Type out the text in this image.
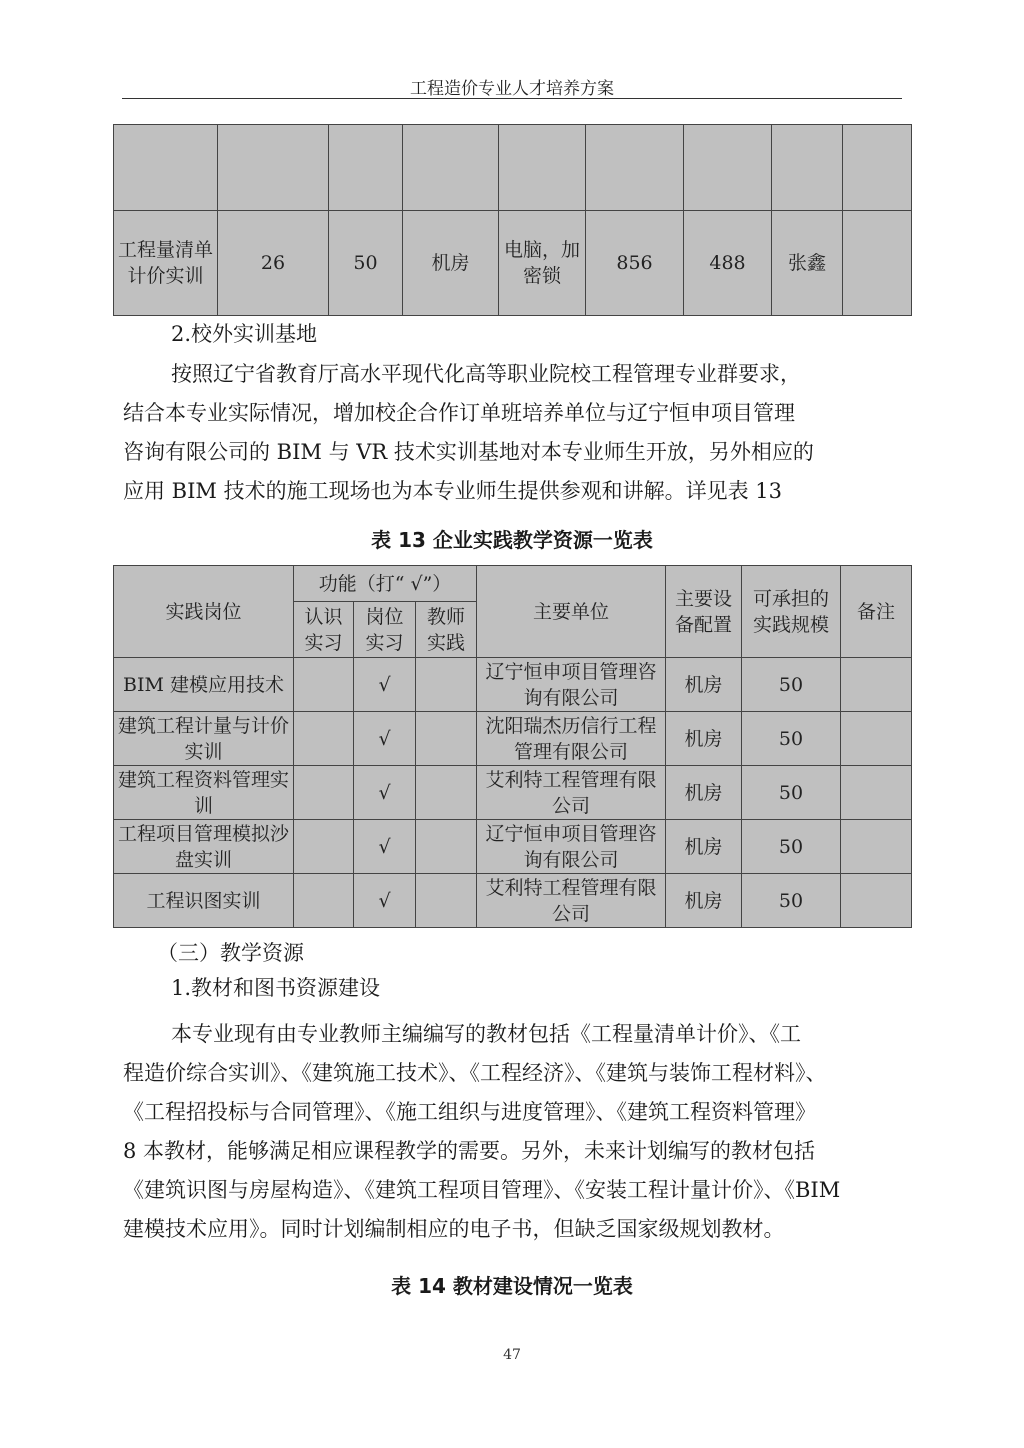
工程造价专业人才培养方案

工程量清单计价实训	26	50	机房	电脑，加密锁	856	488	张鑫	
2.校外实训基地
按照辽宁省教育厅高水平现代化高等职业院校工程管理专业群要求，
结合本专业实际情况，增加校企合作订单班培养单位与辽宁恒申项目管理
咨询有限公司的 BIM 与 VR 技术实训基地对本专业师生开放，另外相应的
应用 BIM 技术的施工现场也为本专业师生提供参观和讲解。详见表 13
表 13 企业实践教学资源一览表
实践岗位	功能（打“ √”）			主要单位	主要设备配置	可承担的实践规模	备注
	认识实习	岗位实习	教师实践				
BIM 建模应用技术		√		辽宁恒申项目管理咨询有限公司	机房	50	
建筑工程计量与计价实训		√		沈阳瑞杰历信行工程管理有限公司	机房	50	
建筑工程资料管理实训		√		艾利特工程管理有限公司	机房	50	
工程项目管理模拟沙盘实训		√		辽宁恒申项目管理咨询有限公司	机房	50	
工程识图实训		√		艾利特工程管理有限公司	机房	50	
（三）教学资源
1.教材和图书资源建设
本专业现有由专业教师主编编写的教材包括《工程量清单计价》、《工
程造价综合实训》、《建筑施工技术》、《工程经济》、《建筑与装饰工程材料》、
《工程招投标与合同管理》、《施工组织与进度管理》、《建筑工程资料管理》
8 本教材，能够满足相应课程教学的需要。另外，未来计划编写的教材包括
《建筑识图与房屋构造》、《建筑工程项目管理》、《安装工程计量计价》、《BIM
建模技术应用》。同时计划编制相应的电子书，但缺乏国家级规划教材。
表 14 教材建设情况一览表
47
